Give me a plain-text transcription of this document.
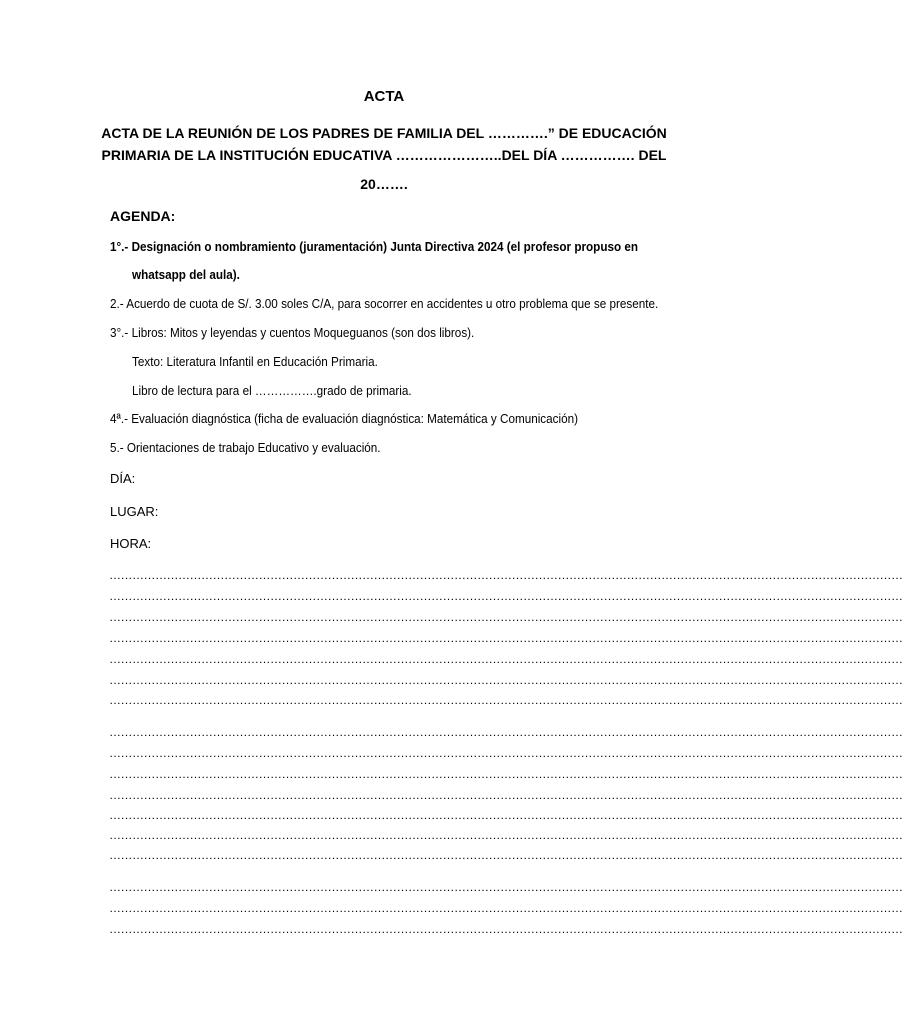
ACTA
ACTA DE LA REUNIÓN DE LOS PADRES DE FAMILIA DEL ………….” DE EDUCACIÓN
PRIMARIA DE LA INSTITUCIÓN EDUCATIVA …………………..DEL DÍA ……………. DEL
20…….
AGENDA:
1°.- Designación o nombramiento (juramentación) Junta Directiva 2024 (el profesor propuso en
whatsapp del aula).
2.- Acuerdo de cuota de S/. 3.00 soles C/A, para socorrer en accidentes u otro problema que se presente.
3°.- Libros: Mitos y leyendas y cuentos Moqueguanos (son dos libros).
Texto: Literatura Infantil en Educación Primaria.
Libro de lectura para el …………….grado de primaria.
4ª.- Evaluación diagnóstica (ficha de evaluación diagnóstica: Matemática y Comunicación)
5.- Orientaciones de trabajo Educativo y evaluación.
DÍA:
LUGAR:
HORA:
………………………………………………………………………………………………………………………………………………………………………………………
………………………………………………………………………………………………………………………………………………………………………………………
………………………………………………………………………………………………………………………………………………………………………………………
………………………………………………………………………………………………………………………………………………………………………………………
………………………………………………………………………………………………………………………………………………………………………………………
………………………………………………………………………………………………………………………………………………………………………………………
………………………………………………………………………………………………………………………………………………………………………………………
………………………………………………………………………………………………………………………………………………………………………………………
………………………………………………………………………………………………………………………………………………………………………………………
………………………………………………………………………………………………………………………………………………………………………………………
………………………………………………………………………………………………………………………………………………………………………………………
………………………………………………………………………………………………………………………………………………………………………………………
………………………………………………………………………………………………………………………………………………………………………………………
………………………………………………………………………………………………………………………………………………………………………………………
………………………………………………………………………………………………………………………………………………………………………………………
………………………………………………………………………………………………………………………………………………………………………………………
………………………………………………………………………………………………………………………………………………………………………………………
